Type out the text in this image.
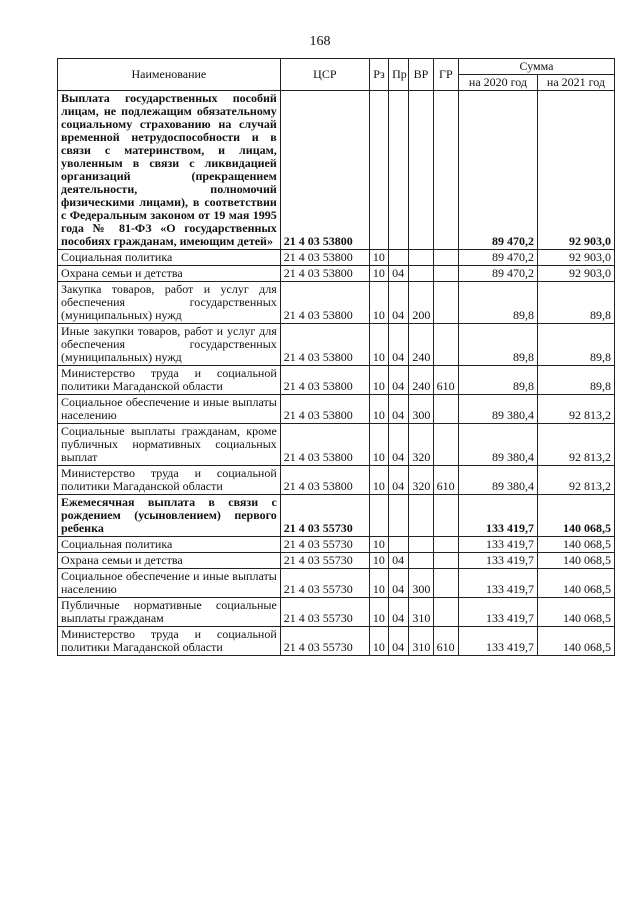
168
Наименование	ЦСР	Рз	Пр	ВР	ГР	Сумма	
						на 2020 год	на 2021 год
Выплата государственных пособий лицам, не подлежащим обязательному социальному страхованию на случай временной нетрудоспособности и в связи с материнством, и лицам, уволенным в связи с ликвидацией организаций (прекращением деятельности, полномочий физическими лицами), в соответствии с Федеральным законом от 19 мая 1995 года № 81-ФЗ «О государственных пособиях гражданам, имеющим детей»	21 4 03 53800					89 470,2	92 903,0
Социальная политика	21 4 03 53800	10				89 470,2	92 903,0
Охрана семьи и детства	21 4 03 53800	10	04			89 470,2	92 903,0
Закупка товаров, работ и услуг для обеспечения государственных (муниципальных) нужд	21 4 03 53800	10	04	200		89,8	89,8
Иные закупки товаров, работ и услуг для обеспечения государственных (муниципальных) нужд	21 4 03 53800	10	04	240		89,8	89,8
Министерство труда и социальной политики Магаданской области	21 4 03 53800	10	04	240	610	89,8	89,8
Социальное обеспечение и иные выплаты населению	21 4 03 53800	10	04	300		89 380,4	92 813,2
Социальные выплаты гражданам, кроме публичных нормативных социальных выплат	21 4 03 53800	10	04	320		89 380,4	92 813,2
Министерство труда и социальной политики Магаданской области	21 4 03 53800	10	04	320	610	89 380,4	92 813,2
Ежемесячная выплата в связи с рождением (усыновлением) первого ребенка	21 4 03 55730					133 419,7	140 068,5
Социальная политика	21 4 03 55730	10				133 419,7	140 068,5
Охрана семьи и детства	21 4 03 55730	10	04			133 419,7	140 068,5
Социальное обеспечение и иные выплаты населению	21 4 03 55730	10	04	300		133 419,7	140 068,5
Публичные нормативные социальные выплаты гражданам	21 4 03 55730	10	04	310		133 419,7	140 068,5
Министерство труда и социальной политики Магаданской области	21 4 03 55730	10	04	310	610	133 419,7	140 068,5
